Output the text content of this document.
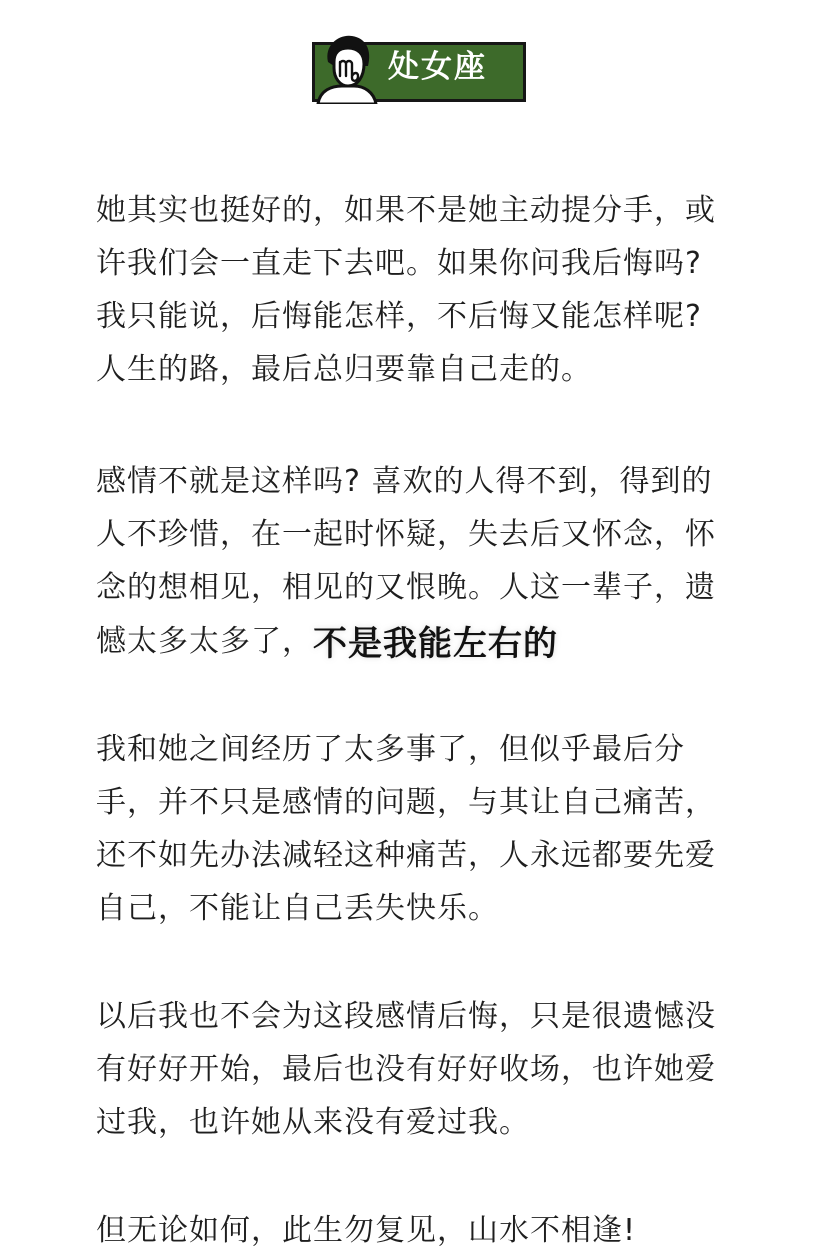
处女座
她其实也挺好的，如果不是她主动提分手，或
许我们会一直走下去吧。如果你问我后悔吗?
我只能说，后悔能怎样，不后悔又能怎样呢?
人生的路，最后总归要靠自己走的。
感情不就是这样吗? 喜欢的人得不到，得到的
人不珍惜，在一起时怀疑，失去后又怀念，怀
念的想相见，相见的又恨晚。人这一辈子，遗
憾太多太多了，不是我能左右的
我和她之间经历了太多事了，但似乎最后分
手，并不只是感情的问题，与其让自己痛苦，
还不如先办法减轻这种痛苦，人永远都要先爱
自己，不能让自己丢失快乐。
以后我也不会为这段感情后悔，只是很遗憾没
有好好开始，最后也没有好好收场，也许她爱
过我，也许她从来没有爱过我。
但无论如何，此生勿复见，山水不相逢!
